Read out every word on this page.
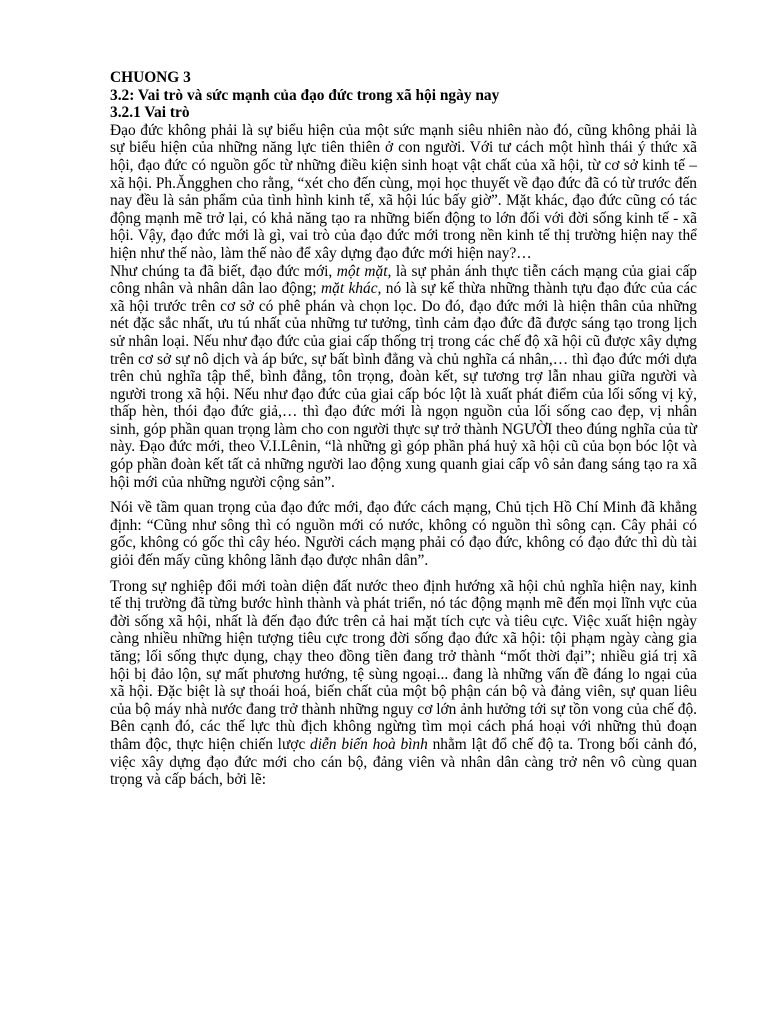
CHUONG 3

3.2: Vai trò và sức mạnh của đạo đức trong xã hội ngày nay

3.2.1 Vai trò

Đạo đức không phải là sự biểu hiện của một sức mạnh siêu nhiên nào đó, cũng không phải là sự biểu hiện của những năng lực tiên thiên ở con người. Với tư cách một hình thái ý thức xã hội, đạo đức có nguồn gốc từ những điều kiện sinh hoạt vật chất của xã hội, từ cơ sở kinh tế – xã hội. Ph.Ăngghen cho rằng, “xét cho đến cùng, mọi học thuyết về đạo đức đã có từ trước đến nay đều là sản phẩm của tình hình kinh tế, xã hội lúc bấy giờ”. Mặt khác, đạo đức cũng có tác động mạnh mẽ trở lại, có khả năng tạo ra những biến động to lớn đối với đời sống kinh tế - xã hội. Vậy, đạo đức mới là gì, vai trò của đạo đức mới trong nền kinh tế thị trường hiện nay thể hiện như thế nào, làm thế nào để xây dựng đạo đức mới hiện nay?…

Như chúng ta đã biết, đạo đức mới, một mặt, là sự phản ánh thực tiễn cách mạng của giai cấp công nhân và nhân dân lao động; mặt khác, nó là sự kế thừa những thành tựu đạo đức của các xã hội trước trên cơ sở có phê phán và chọn lọc. Do đó, đạo đức mới là hiện thân của những nét đặc sắc nhất, ưu tú nhất của những tư tưởng, tình cảm đạo đức đã được sáng tạo trong lịch sử nhân loại. Nếu như đạo đức của giai cấp thống trị trong các chế độ xã hội cũ được xây dựng trên cơ sở sự nô dịch và áp bức, sự bất bình đẳng và chủ nghĩa cá nhân,… thì đạo đức mới dựa trên chủ nghĩa tập thể, bình đẳng, tôn trọng, đoàn kết, sự tương trợ lẫn nhau giữa người và người trong xã hội. Nếu như đạo đức của giai cấp bóc lột là xuất phát điểm của lối sống vị kỷ, thấp hèn, thói đạo đức giả,… thì đạo đức mới là ngọn nguồn của lối sống cao đẹp, vị nhân sinh, góp phần quan trọng làm cho con người thực sự trở thành NGƯỜI theo đúng nghĩa của từ này. Đạo đức mới, theo V.I.Lênin, “là những gì góp phần phá huỷ xã hội cũ của bọn bóc lột và góp phần đoàn kết tất cả những người lao động xung quanh giai cấp vô sản đang sáng tạo ra xã hội mới của những người cộng sản”.

Nói về tầm quan trọng của đạo đức mới, đạo đức cách mạng, Chủ tịch Hồ Chí Minh đã khẳng định: “Cũng như sông thì có nguồn mới có nước, không có nguồn thì sông cạn. Cây phải có gốc, không có gốc thì cây héo. Người cách mạng phải có đạo đức, không có đạo đức thì dù tài giỏi đến mấy cũng không lãnh đạo được nhân dân”.

Trong sự nghiệp đổi mới toàn diện đất nước theo định hướng xã hội chủ nghĩa hiện nay, kinh tế thị trường đã từng bước hình thành và phát triển, nó tác động mạnh mẽ đến mọi lĩnh vực của đời sống xã hội, nhất là đến đạo đức trên cả hai mặt tích cực và tiêu cực. Việc xuất hiện ngày càng nhiều những hiện tượng tiêu cực trong đời sống đạo đức xã hội: tội phạm ngày càng gia tăng; lối sống thực dụng, chạy theo đồng tiền đang trở thành “mốt thời đại”; nhiều giá trị xã hội bị đảo lộn, sự mất phương hướng, tệ sùng ngoại... đang là những vấn đề đáng lo ngại của xã hội. Đặc biệt là sự thoái hoá, biến chất của một bộ phận cán bộ và đảng viên, sự quan liêu của bộ máy nhà nước đang trở thành những nguy cơ lớn ảnh hưởng tới sự tồn vong của chế độ. Bên cạnh đó, các thế lực thù địch không ngừng tìm mọi cách phá hoại với những thủ đoạn thâm độc, thực hiện chiến lược diễn biến hoà bình nhằm lật đổ chế độ ta. Trong bối cảnh đó, việc xây dựng đạo đức mới cho cán bộ, đảng viên và nhân dân càng trở nên vô cùng quan trọng và cấp bách, bởi lẽ:
